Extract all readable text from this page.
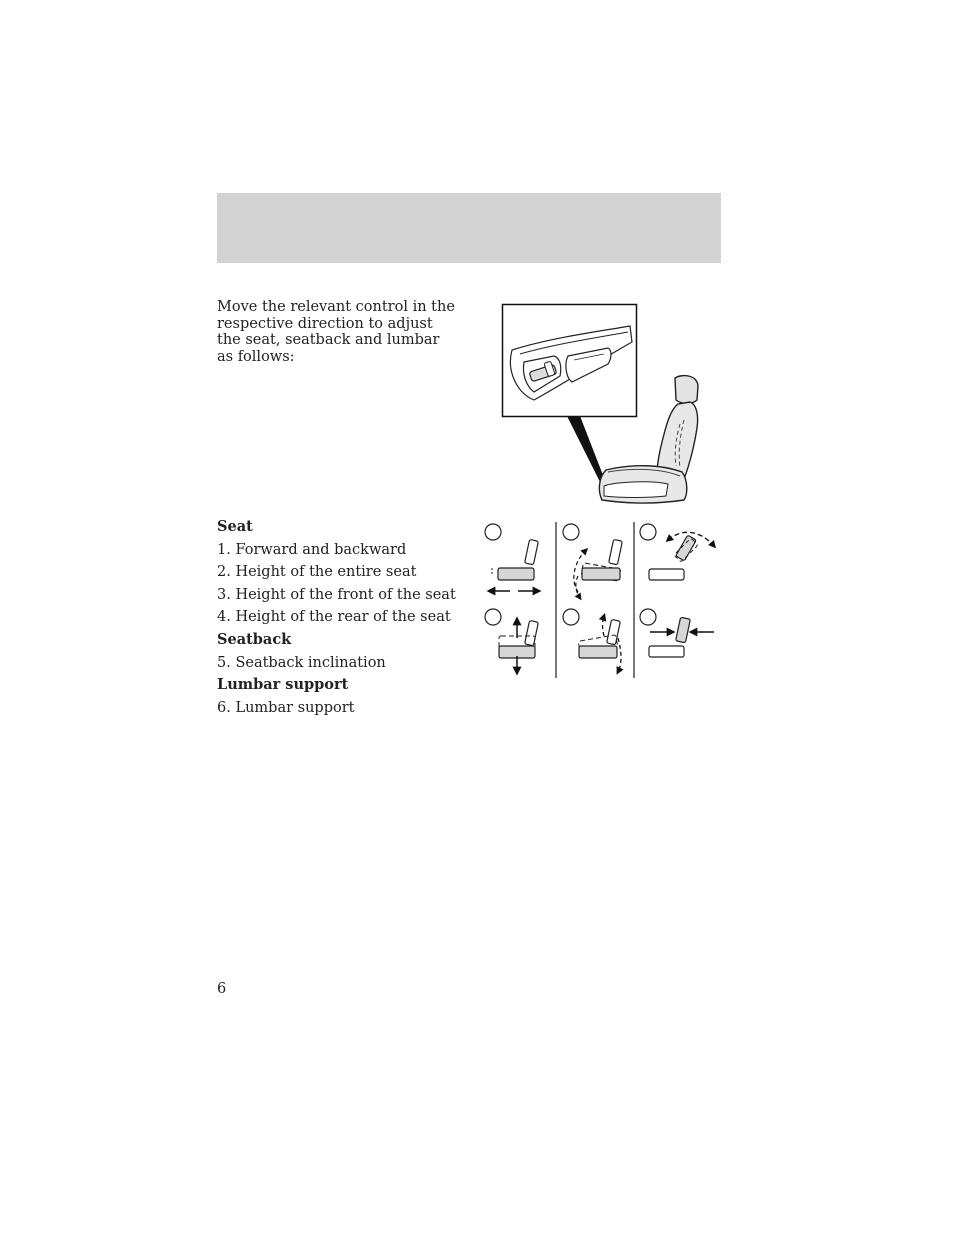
Move the relevant control in the respective direction to adjust the seat, seatback and lumbar as follows:

Seat
1. Forward and backward
2. Height of the entire seat
3. Height of the front of the seat
4. Height of the rear of the seat
Seatback
5. Seatback inclination
Lumbar support
6. Lumbar support
6
